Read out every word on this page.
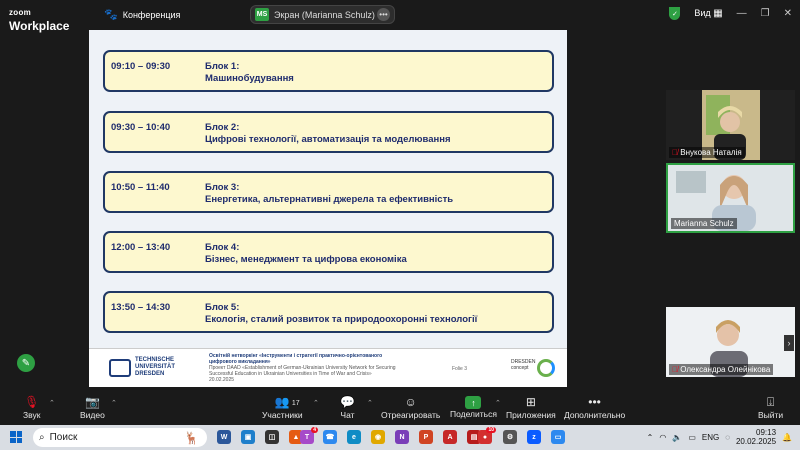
zoom
Workplace
🐾 Конференция	MS Экран (Marianna Schulz) •••	✓ Вид ▦ — ❐ ✕
09:10 – 09:30	Блок 1:
Машинобудування
09:30 – 10:40	Блок 2:
Цифрові технології, автоматизація та моделювання
10:50 – 11:40	Блок 3:
Енергетика, альтернативні джерела та ефективність
12:00 – 13:40	Блок 4:
Бізнес, менеджмент та цифрова економіка
13:50 – 14:30	Блок 5:
Екологія, сталий розвиток та природоохоронні технології
TECHNISCHE
UNIVERSITÄT
DRESDEN
Освітній нетворкінг «Інструменти і стратегії практично-орієнтованого
цифрового викладання»
Проект DAAD «Establishment of German-Ukrainian University Network for Securing
Successful Education in Ukrainian Universities in Time of War and Crisis»
20.02.2025
Folie 3
DRESDEN
concept
🎙̸ Внукова Наталія
Marianna Schulz
🎙̸ Олександра Олейнікова
✎
›
🎙
Звук
⌃	📷
Видео
⌃	👥 17
Участники
⌃ 💬
Чат
⌃	☺
Отреагировать
↑
Поделиться
⌃ ⊞
Приложения
•••
Дополнительно
⍗
Выйти
⌕ Поиск	🦌	W	▣	◫	▲ T
4
☎	e	◉	N	P	A	▤ ●
10
⚙	z	▭	⌃ ◠ 🔈 ▭ ENG ◌	09:13
20.02.2025 🔔
